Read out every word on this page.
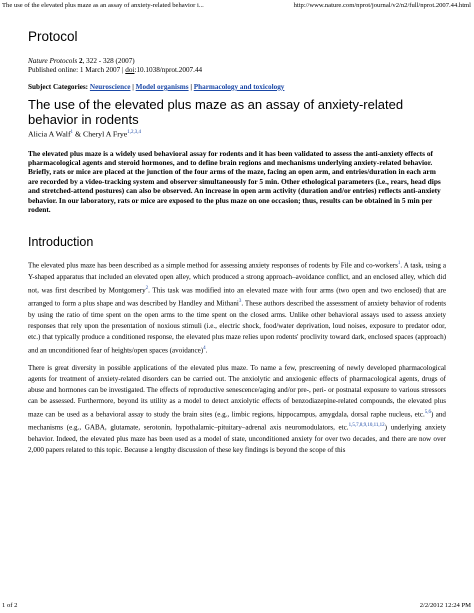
The use of the elevated plus maze as an assay of anxiety-related behavior i...	http://www.nature.com/nprot/journal/v2/n2/full/nprot.2007.44.html
Protocol
Nature Protocols 2, 322 - 328 (2007)
Published online: 1 March 2007 | doi:10.1038/nprot.2007.44
Subject Categories: Neuroscience | Model organisms | Pharmacology and toxicology
The use of the elevated plus maze as an assay of anxiety-related behavior in rodents
Alicia A Walf$^1$ & Cheryl A Frye$^{1,2,3,4}$

The elevated plus maze is a widely used behavioral assay for rodents and it has been validated to assess the anti-anxiety effects of pharmacological agents and steroid hormones, and to define brain regions and mechanisms underlying anxiety-related behavior. Briefly, rats or mice are placed at the junction of the four arms of the maze, facing an open arm, and entries/duration in each arm are recorded by a video-tracking system and observer simultaneously for 5 min. Other ethological parameters (i.e., rears, head dips and stretched-attend postures) can also be observed. An increase in open arm activity (duration and/or entries) reflects anti-anxiety behavior. In our laboratory, rats or mice are exposed to the plus maze on one occasion; thus, results can be obtained in 5 min per rodent.

Introduction

The elevated plus maze has been described as a simple method for assessing anxiety responses of rodents by File and co-workers$^1$. A task, using a Y-shaped apparatus that included an elevated open alley, which produced a strong approach–avoidance conflict, and an enclosed alley, which did not, was first described by Montgomery$^2$. This task was modified into an elevated maze with four arms (two open and two enclosed) that are arranged to form a plus shape and was described by Handley and Mithani$^3$. These authors described the assessment of anxiety behavior of rodents by using the ratio of time spent on the open arms to the time spent on the closed arms. Unlike other behavioral assays used to assess anxiety responses that rely upon the presentation of noxious stimuli (i.e., electric shock, food/water deprivation, loud noises, exposure to predator odor, etc.) that typically produce a conditioned response, the elevated plus maze relies upon rodents' proclivity toward dark, enclosed spaces (approach) and an unconditioned fear of heights/open spaces (avoidance)$^4$.

There is great diversity in possible applications of the elevated plus maze. To name a few, prescreening of newly developed pharmacological agents for treatment of anxiety-related disorders can be carried out. The anxiolytic and anxiogenic effects of pharmacological agents, drugs of abuse and hormones can be investigated. The effects of reproductive senescence/aging and/or pre-, peri- or postnatal exposure to various stressors can be assessed. Furthermore, beyond its utility as a model to detect anxiolytic effects of benzodiazepine-related compounds, the elevated plus maze can be used as a behavioral assay to study the brain sites (e.g., limbic regions, hippocampus, amygdala, dorsal raphe nucleus, etc.$^{5,6}$) and mechanisms (e.g., GABA, glutamate, serotonin, hypothalamic–pituitary–adrenal axis neuromodulators, etc.$^{1,5,7,8,9,10,11,12}$) underlying anxiety behavior. Indeed, the elevated plus maze has been used as a model of state, unconditioned anxiety for over two decades, and there are now over 2,000 papers related to this topic. Because a lengthy discussion of these key findings is beyond the scope of this

1 of 2	2/2/2012 12:24 PM
